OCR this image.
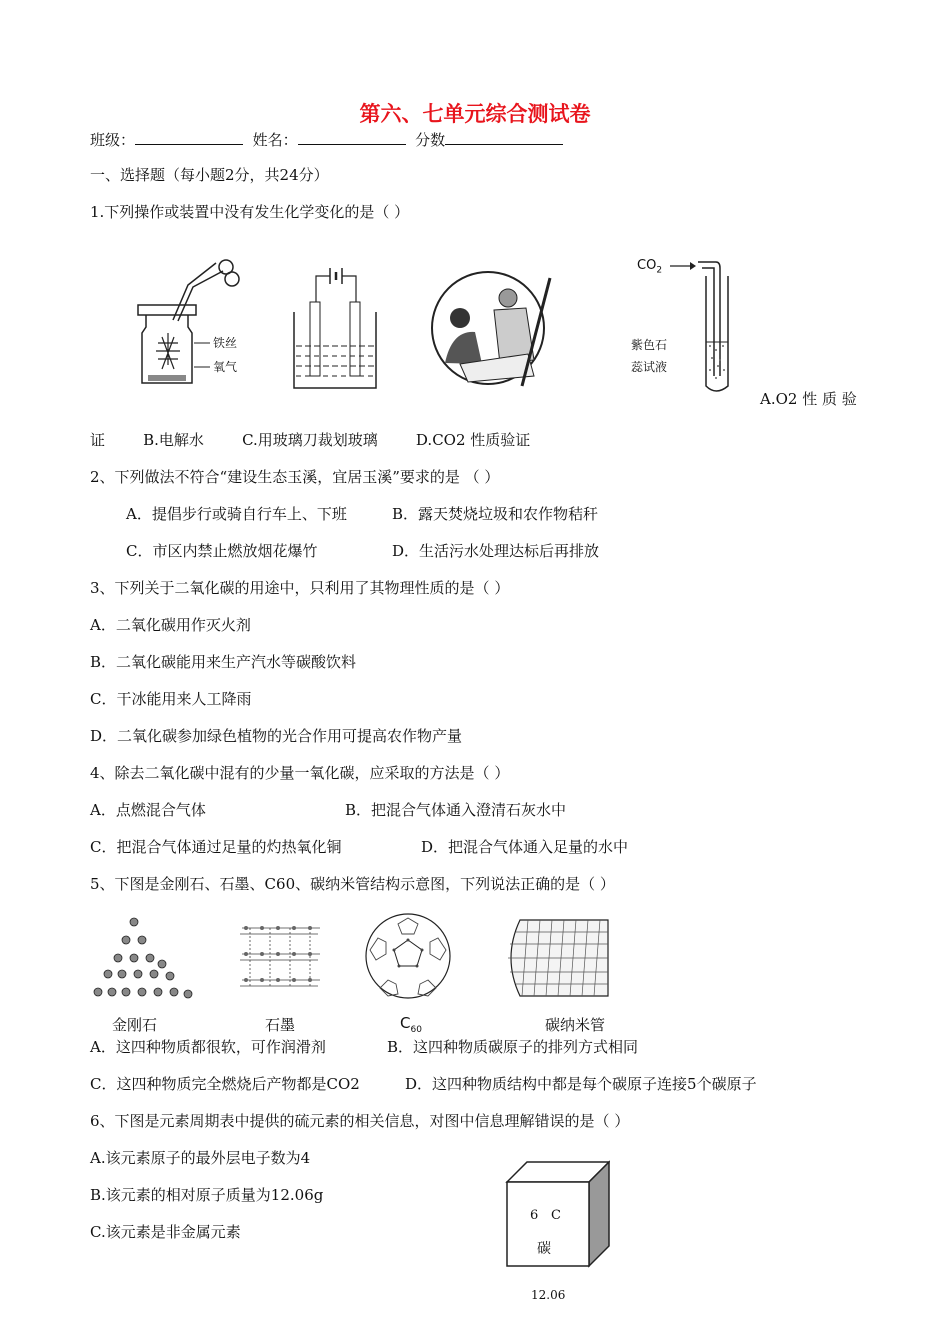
第六、七单元综合测试卷
班级：	姓名：	分数
一、选择题（每小题2分，共24分）
1.下列操作或装置中没有发生化学变化的是（ ）
铁丝
氧气
$CO_2$
紫色石
蕊试液
A.O2 性 质 验
证        B.电解水        C.用玻璃刀裁划玻璃        D.CO2 性质验证
2、下列做法不符合“建设生态玉溪，宜居玉溪”要求的是 （ ）
A．提倡步行或骑自行车上、下班	B．露天焚烧垃圾和农作物秸秆
C．市区内禁止燃放烟花爆竹	D．生活污水处理达标后再排放
3、下列关于二氧化碳的用途中，只利用了其物理性质的是（ ）
A．二氧化碳用作灭火剂
B．二氧化碳能用来生产汽水等碳酸饮料
C．干冰能用来人工降雨
D．二氧化碳参加绿色植物的光合作用可提高农作物产量
4、除去二氧化碳中混有的少量一氧化碳，应采取的方法是（ ）
A．点燃混合气体	B．把混合气体通入澄清石灰水中
C．把混合气体通过足量的灼热氧化铜	D．把混合气体通入足量的水中
5、下图是金刚石、石墨、C60、碳纳米管结构示意图，下列说法正确的是（ ）
金刚石	石墨	$C_{60}$	碳纳米管
A．这四种物质都很软，可作润滑剂	B．这四种物质碳原子的排列方式相同
C．这四种物质完全燃烧后产物都是CO2	D．这四种物质结构中都是每个碳原子连接5个碳原子
6、下图是元素周期表中提供的硫元素的相关信息，对图中信息理解错误的是（ ）
A.该元素原子的最外层电子数为4
B.该元素的相对原子质量为12.06g
C.该元素是非金属元素
6 C
碳
12.06
